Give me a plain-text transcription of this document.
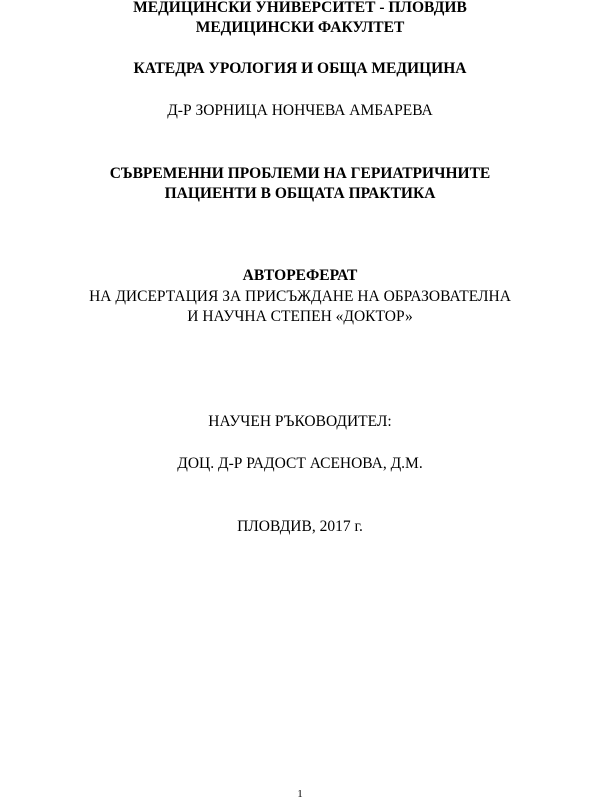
МЕДИЦИНСКИ УНИВЕРСИТЕТ - ПЛОВДИВ
МЕДИЦИНСКИ ФАКУЛТЕТ
КАТЕДРА УРОЛОГИЯ И ОБЩА МЕДИЦИНА
Д-Р ЗОРНИЦА НОНЧЕВА АМБАРЕВА
СЪВРЕМЕННИ ПРОБЛЕМИ НА ГЕРИАТРИЧНИТЕ
ПАЦИЕНТИ В ОБЩАТА ПРАКТИКА
АВТОРЕФЕРАТ
НА ДИСЕРТАЦИЯ ЗА ПРИСЪЖДАНЕ НА ОБРАЗОВАТЕЛНА
И НАУЧНА СТЕПЕН «ДОКТОР»
НАУЧЕН РЪКОВОДИТЕЛ:
ДОЦ. Д-Р РАДОСТ АСЕНОВА, Д.М.
ПЛОВДИВ, 2017 г.
1
